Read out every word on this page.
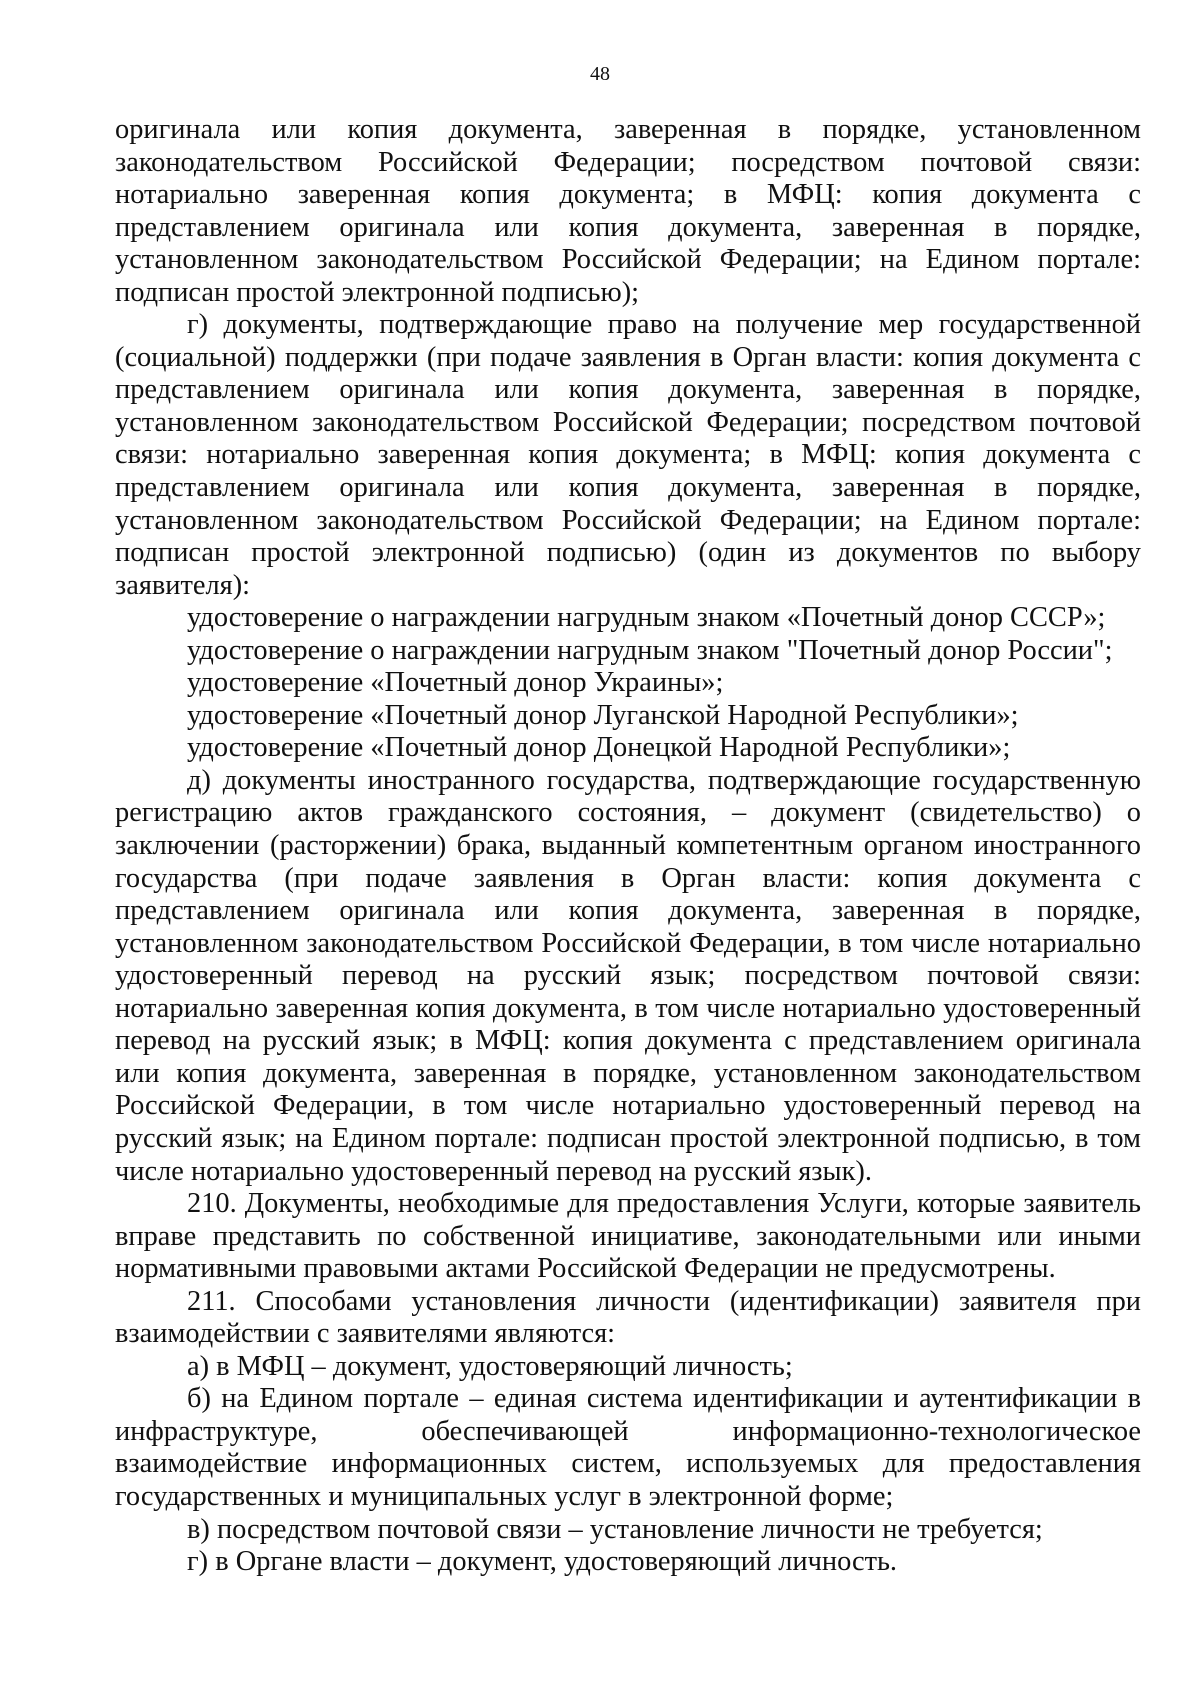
48

оригинала или копия документа, заверенная в порядке, установленном законодательством Российской Федерации; посредством почтовой связи: нотариально заверенная копия документа; в МФЦ: копия документа с представлением оригинала или копия документа, заверенная в порядке, установленном законодательством Российской Федерации; на Едином портале: подписан простой электронной подписью);

г) документы, подтверждающие право на получение мер государственной (социальной) поддержки (при подаче заявления в Орган власти: копия документа с представлением оригинала или копия документа, заверенная в порядке, установленном законодательством Российской Федерации; посредством почтовой связи: нотариально заверенная копия документа; в МФЦ: копия документа с представлением оригинала или копия документа, заверенная в порядке, установленном законодательством Российской Федерации; на Едином портале: подписан простой электронной подписью) (один из документов по выбору заявителя):

удостоверение о награждении нагрудным знаком «Почетный донор СССР»;

удостоверение о награждении нагрудным знаком "Почетный донор России";

удостоверение «Почетный донор Украины»;

удостоверение «Почетный донор Луганской Народной Республики»;

удостоверение «Почетный донор Донецкой Народной Республики»;

д) документы иностранного государства, подтверждающие государственную регистрацию актов гражданского состояния, – документ (свидетельство) о заключении (расторжении) брака, выданный компетентным органом иностранного государства (при подаче заявления в Орган власти: копия документа с представлением оригинала или копия документа, заверенная в порядке, установленном законодательством Российской Федерации, в том числе нотариально удостоверенный перевод на русский язык; посредством почтовой связи: нотариально заверенная копия документа, в том числе нотариально удостоверенный перевод на русский язык; в МФЦ: копия документа с представлением оригинала или копия документа, заверенная в порядке, установленном законодательством Российской Федерации, в том числе нотариально удостоверенный перевод на русский язык; на Едином портале: подписан простой электронной подписью, в том числе нотариально удостоверенный перевод на русский язык).

210. Документы, необходимые для предоставления Услуги, которые заявитель вправе представить по собственной инициативе, законодательными или иными нормативными правовыми актами Российской Федерации не предусмотрены.

211. Способами установления личности (идентификации) заявителя при взаимодействии с заявителями являются:

а) в МФЦ – документ, удостоверяющий личность;

б) на Едином портале – единая система идентификации и аутентификации в инфраструктуре, обеспечивающей информационно-технологическое взаимодействие информационных систем, используемых для предоставления государственных и муниципальных услуг в электронной форме;

в) посредством почтовой связи – установление личности не требуется;

г) в Органе власти – документ, удостоверяющий личность.
